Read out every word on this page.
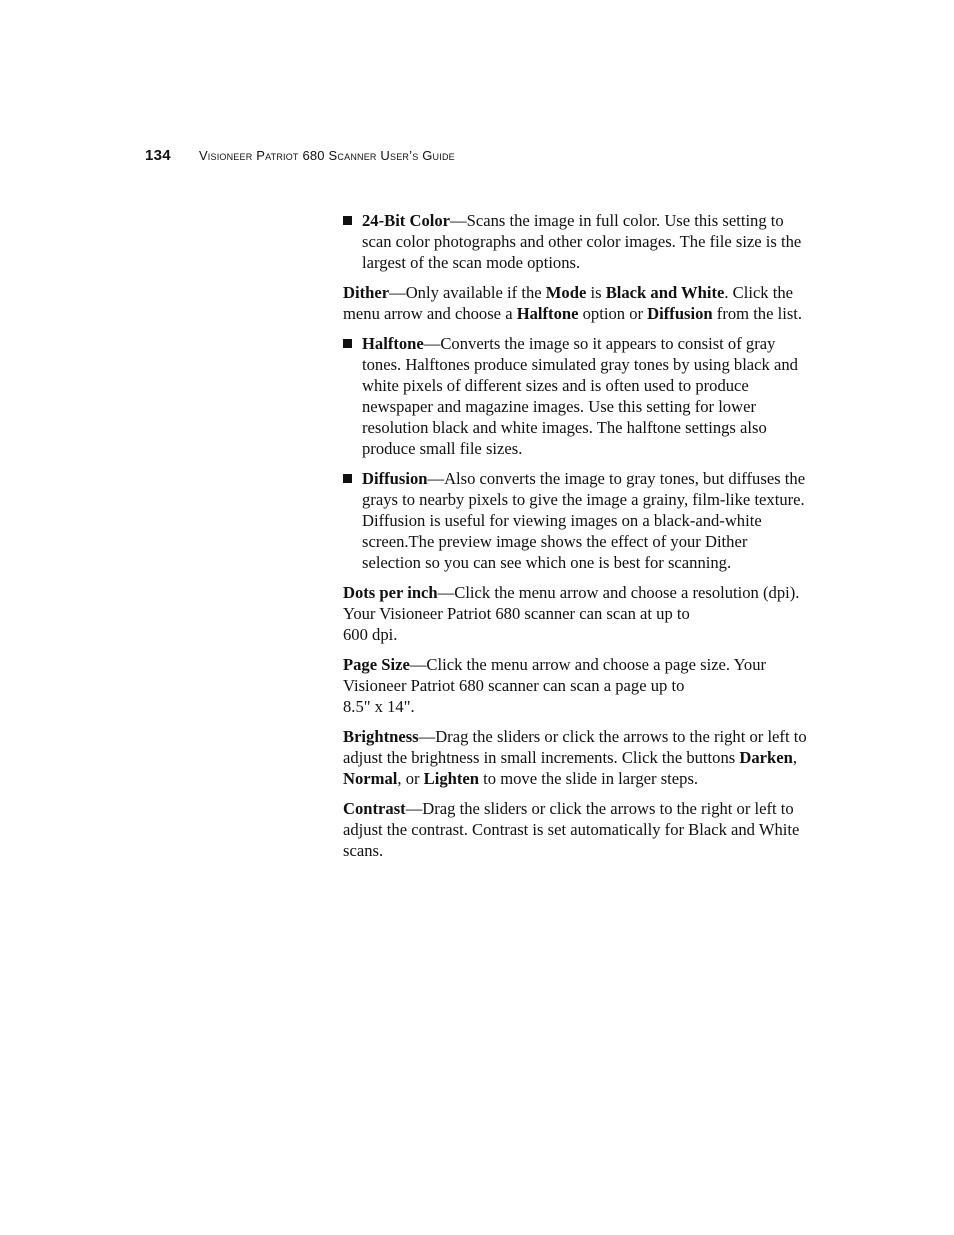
134 Visioneer Patriot 680 Scanner User’s Guide
24-Bit Color—Scans the image in full color. Use this setting to scan color photographs and other color images. The file size is the largest of the scan mode options.

Dither—Only available if the Mode is Black and White. Click the menu arrow and choose a Halftone option or Diffusion from the list.

Halftone—Converts the image so it appears to consist of gray tones. Halftones produce simulated gray tones by using black and white pixels of different sizes and is often used to produce newspaper and magazine images. Use this setting for lower resolution black and white images. The halftone settings also produce small file sizes.
Diffusion—Also converts the image to gray tones, but diffuses the grays to nearby pixels to give the image a grainy, film-like texture. Diffusion is useful for viewing images on a black-and-white screen.The preview image shows the effect of your Dither selection so you can see which one is best for scanning.

Dots per inch—Click the menu arrow and choose a resolution (dpi). Your Visioneer Patriot 680 scanner can scan at up to
600 dpi.

Page Size—Click the menu arrow and choose a page size. Your Visioneer Patriot 680 scanner can scan a page up to
8.5" x 14".

Brightness—Drag the sliders or click the arrows to the right or left to adjust the brightness in small increments. Click the buttons Darken, Normal, or Lighten to move the slide in larger steps.

Contrast—Drag the sliders or click the arrows to the right or left to adjust the contrast. Contrast is set automatically for Black and White scans.
